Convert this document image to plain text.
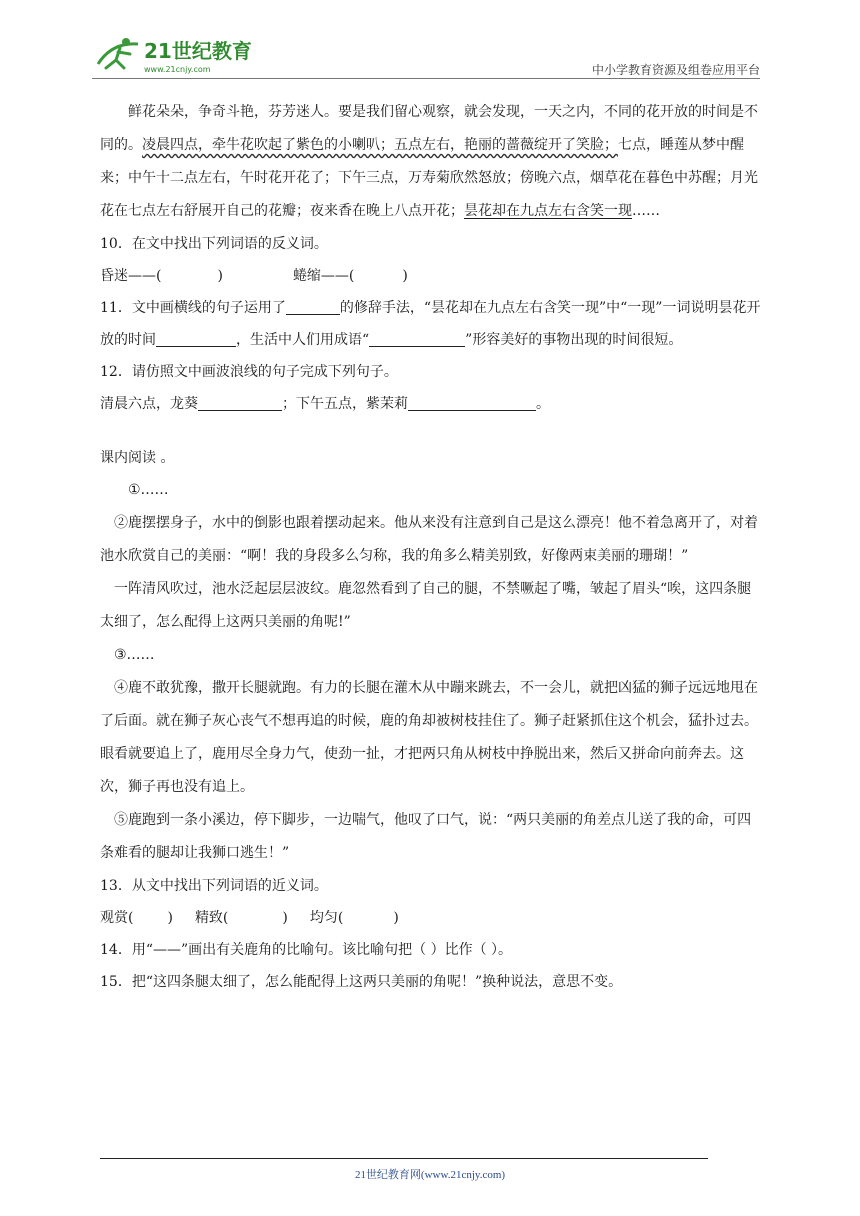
21世纪教育
www.21cnjy.com	中小学教育资源及组卷应用平台

鲜花朵朵，争奇斗艳，芬芳迷人。要是我们留心观察，就会发现，一天之内，不同的花开放的时间是不同的。凌晨四点，牵牛花吹起了紫色的小喇叭；五点左右，艳丽的蔷薇绽开了笑脸；七点，睡莲从梦中醒来；中午十二点左右，午时花开花了；下午三点，万寿菊欣然怒放；傍晚六点，烟草花在暮色中苏醒；月光花在七点左右舒展开自己的花瓣；夜来香在晚上八点开花；昙花却在九点左右含笑一现……

10．在文中找出下列词语的反义词。

昏迷——(	)	蜷缩——(	)

11．文中画横线的句子运用了	的修辞手法，“昙花却在九点左右含笑一现”中“一现”一词说明昙花开放的时间	，生活中人们用成语“	”形容美好的事物出现的时间很短。

12．请仿照文中画波浪线的句子完成下列句子。

清晨六点，龙葵	；下午五点，紫茉莉	。

课内阅读 。

①……

②鹿摆摆身子，水中的倒影也跟着摆动起来。他从来没有注意到自己是这么漂亮！他不着急离开了，对着池水欣赏自己的美丽：“啊！我的身段多么匀称，我的角多么精美别致，好像两束美丽的珊瑚！”

一阵清风吹过，池水泛起层层波纹。鹿忽然看到了自己的腿，不禁噘起了嘴，皱起了眉头“唉，这四条腿太细了，怎么配得上这两只美丽的角呢!”

③……

④鹿不敢犹豫，撒开长腿就跑。有力的长腿在灌木从中蹦来跳去，不一会儿，就把凶猛的狮子远远地甩在了后面。就在狮子灰心丧气不想再追的时候，鹿的角却被树枝挂住了。狮子赶紧抓住这个机会，猛扑过去。眼看就要追上了，鹿用尽全身力气，使劲一扯，才把两只角从树枝中挣脱出来，然后又拼命向前奔去。这次，狮子再也没有追上。

⑤鹿跑到一条小溪边，停下脚步，一边喘气，他叹了口气，说：“两只美丽的角差点儿送了我的命，可四条难看的腿却让我狮口逃生！”

13．从文中找出下列词语的近义词。

观赏( ) 精致(	) 均匀(	)

14．用“——”画出有关鹿角的比喻句。该比喻句把（ ）比作（ ）。

15．把“这四条腿太细了，怎么能配得上这两只美丽的角呢！”换种说法，意思不变。

21世纪教育网(www.21cnjy.com)
